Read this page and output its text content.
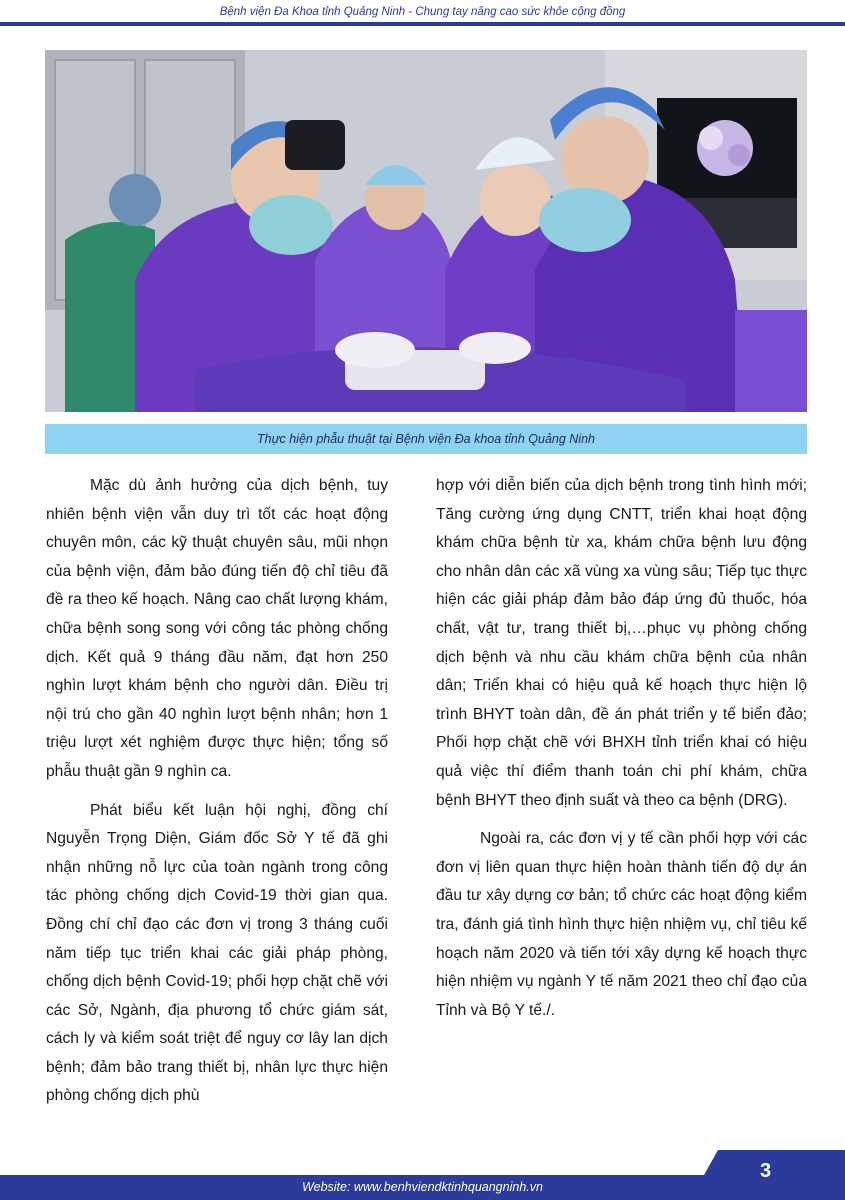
Bệnh viện Đa Khoa tỉnh Quảng Ninh - Chung tay nâng cao sức khỏe cộng đồng
Thực hiện phẫu thuật tại Bệnh viện Đa khoa tỉnh Quảng Ninh

Mặc dù ảnh hưởng của dịch bệnh, tuy nhiên bệnh viện vẫn duy trì tốt các hoạt động chuyên môn, các kỹ thuật chuyên sâu, mũi nhọn của bệnh viện, đảm bảo đúng tiến độ chỉ tiêu đã đề ra theo kế hoạch. Nâng cao chất lượng khám, chữa bệnh song song với công tác phòng chống dịch. Kết quả 9 tháng đầu năm, đạt hơn 250 nghìn lượt khám bệnh cho người dân. Điều trị nội trú cho gần 40 nghìn lượt bệnh nhân; hơn 1 triệu lượt xét nghiệm được thực hiện; tổng số phẫu thuật gần 9 nghìn ca.

Phát biểu kết luận hội nghị, đồng chí Nguyễn Trọng Diện, Giám đốc Sở Y tế đã ghi nhận những nỗ lực của toàn ngành trong công tác phòng chống dịch Covid-19 thời gian qua. Đồng chí chỉ đạo các đơn vị trong 3 tháng cuối năm tiếp tục triển khai các giải pháp phòng, chống dịch bệnh Covid-19; phối hợp chặt chẽ với các Sở, Ngành, địa phương tổ chức giám sát, cách ly và kiểm soát triệt để nguy cơ lây lan dịch bệnh; đảm bảo trang thiết bị, nhân lực thực hiện phòng chống dịch phù

hợp với diễn biến của dịch bệnh trong tình hình mới; Tăng cường ứng dụng CNTT, triển khai hoạt động khám chữa bệnh từ xa, khám chữa bệnh lưu động cho nhân dân các xã vùng xa vùng sâu; Tiếp tục thực hiện các giải pháp đảm bảo đáp ứng đủ thuốc, hóa chất, vật tư, trang thiết bị,…phục vụ phòng chống dịch bệnh và nhu cầu khám chữa bệnh của nhân dân; Triển khai có hiệu quả kế hoạch thực hiện lộ trình BHYT toàn dân, đề án phát triển y tế biển đảo; Phối hợp chặt chẽ với BHXH tỉnh triển khai có hiệu quả việc thí điểm thanh toán chi phí khám, chữa bệnh BHYT theo định suất và theo ca bệnh (DRG).

Ngoài ra, các đơn vị y tế cần phối hợp với các đơn vị liên quan thực hiện hoàn thành tiến độ dự án đầu tư xây dựng cơ bản; tổ chức các hoạt động kiểm tra, đánh giá tình hình thực hiện nhiệm vụ, chỉ tiêu kế hoạch năm 2020 và tiến tới xây dựng kế hoạch thực hiện nhiệm vụ ngành Y tế năm 2021 theo chỉ đạo của Tỉnh và Bộ Y tế./.

3
Website: www.benhviendktinhquangninh.vn
